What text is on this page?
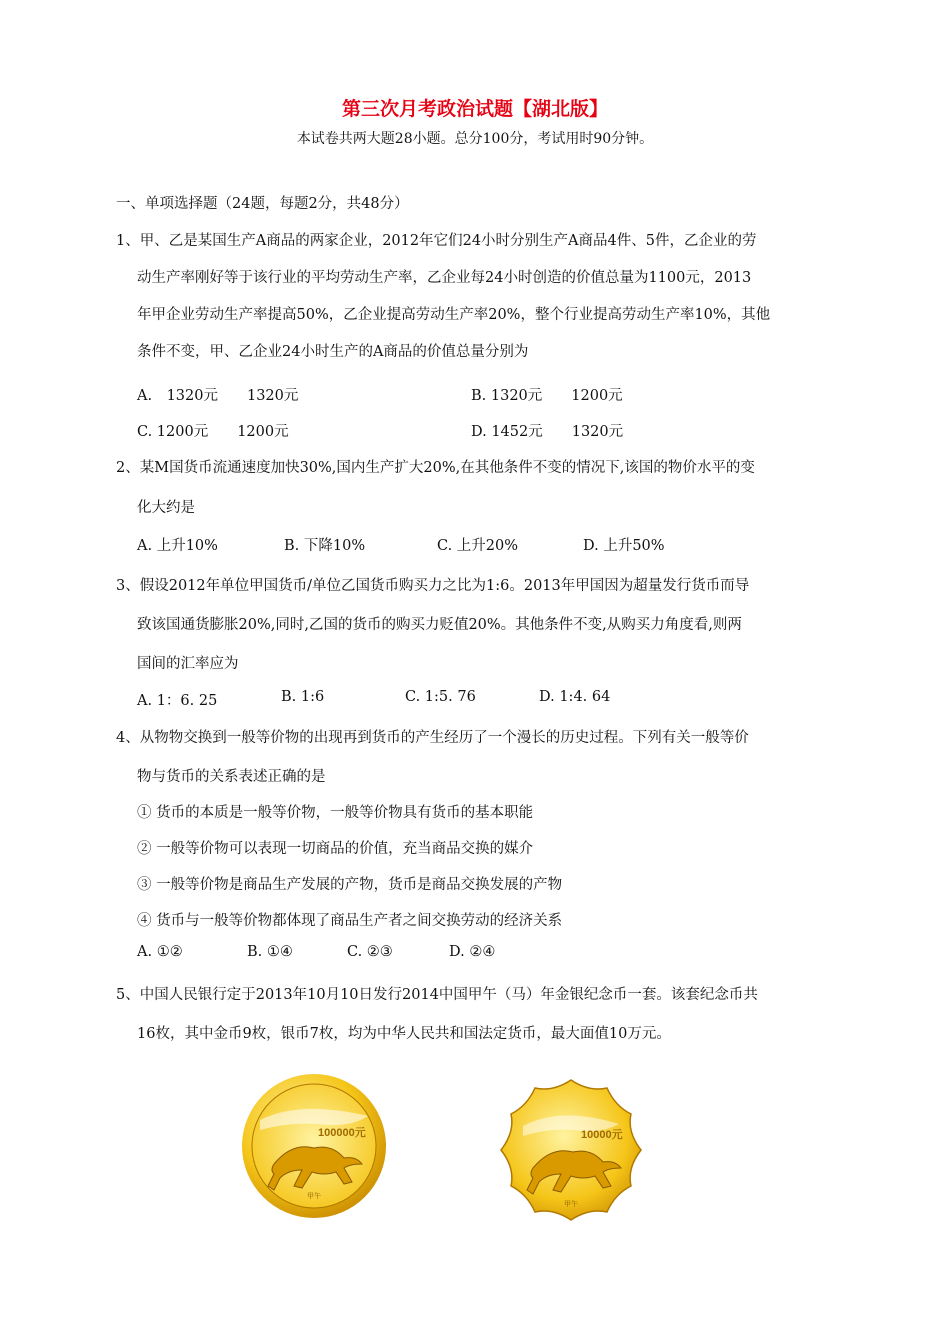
第三次月考政治试题【湖北版】
本试卷共两大题28小题。总分100分，考试用时90分钟。
一、单项选择题（24题，每题2分，共48分）
1、甲、乙是某国生产A商品的两家企业，2012年它们24小时分别生产A商品4件、5件，乙企业的劳
动生产率刚好等于该行业的平均劳动生产率，乙企业每24小时创造的价值总量为1100元，2013
年甲企业劳动生产率提高50%，乙企业提高劳动生产率20%，整个行业提高劳动生产率10%，其他
条件不变，甲、乙企业24小时生产的A商品的价值总量分别为
A.　1320元　　1320元	B. 1320元　　1200元
C. 1200元　　1200元	D. 1452元　　1320元
2、某M国货币流通速度加快30%,国内生产扩大20%,在其他条件不变的情况下,该国的物价水平的变
化大约是
A. 上升10%	B. 下降10%	C. 上升20%	D. 上升50%
3、假设2012年单位甲国货币/单位乙国货币购买力之比为1:6。2013年甲国因为超量发行货币而导
致该国通货膨胀20%,同时,乙国的货币的购买力贬值20%。其他条件不变,从购买力角度看,则两
国间的汇率应为
A. 1：6. 25	B. 1:6	C. 1:5. 76	D. 1:4. 64
4、从物物交换到一般等价物的出现再到货币的产生经历了一个漫长的历史过程。下列有关一般等价
物与货币的关系表述正确的是
① 货币的本质是一般等价物，一般等价物具有货币的基本职能
② 一般等价物可以表现一切商品的价值，充当商品交换的媒介
③ 一般等价物是商品生产发展的产物，货币是商品交换发展的产物
④ 货币与一般等价物都体现了商品生产者之间交换劳动的经济关系
A. ①②	B. ①④	C. ②③	D. ②④
5、中国人民银行定于2013年10月10日发行2014中国甲午（马）年金银纪念币一套。该套纪念币共
16枚，其中金币9枚，银币7枚，均为中华人民共和国法定货币，最大面值10万元。
100000元
甲午
10000元
甲午
